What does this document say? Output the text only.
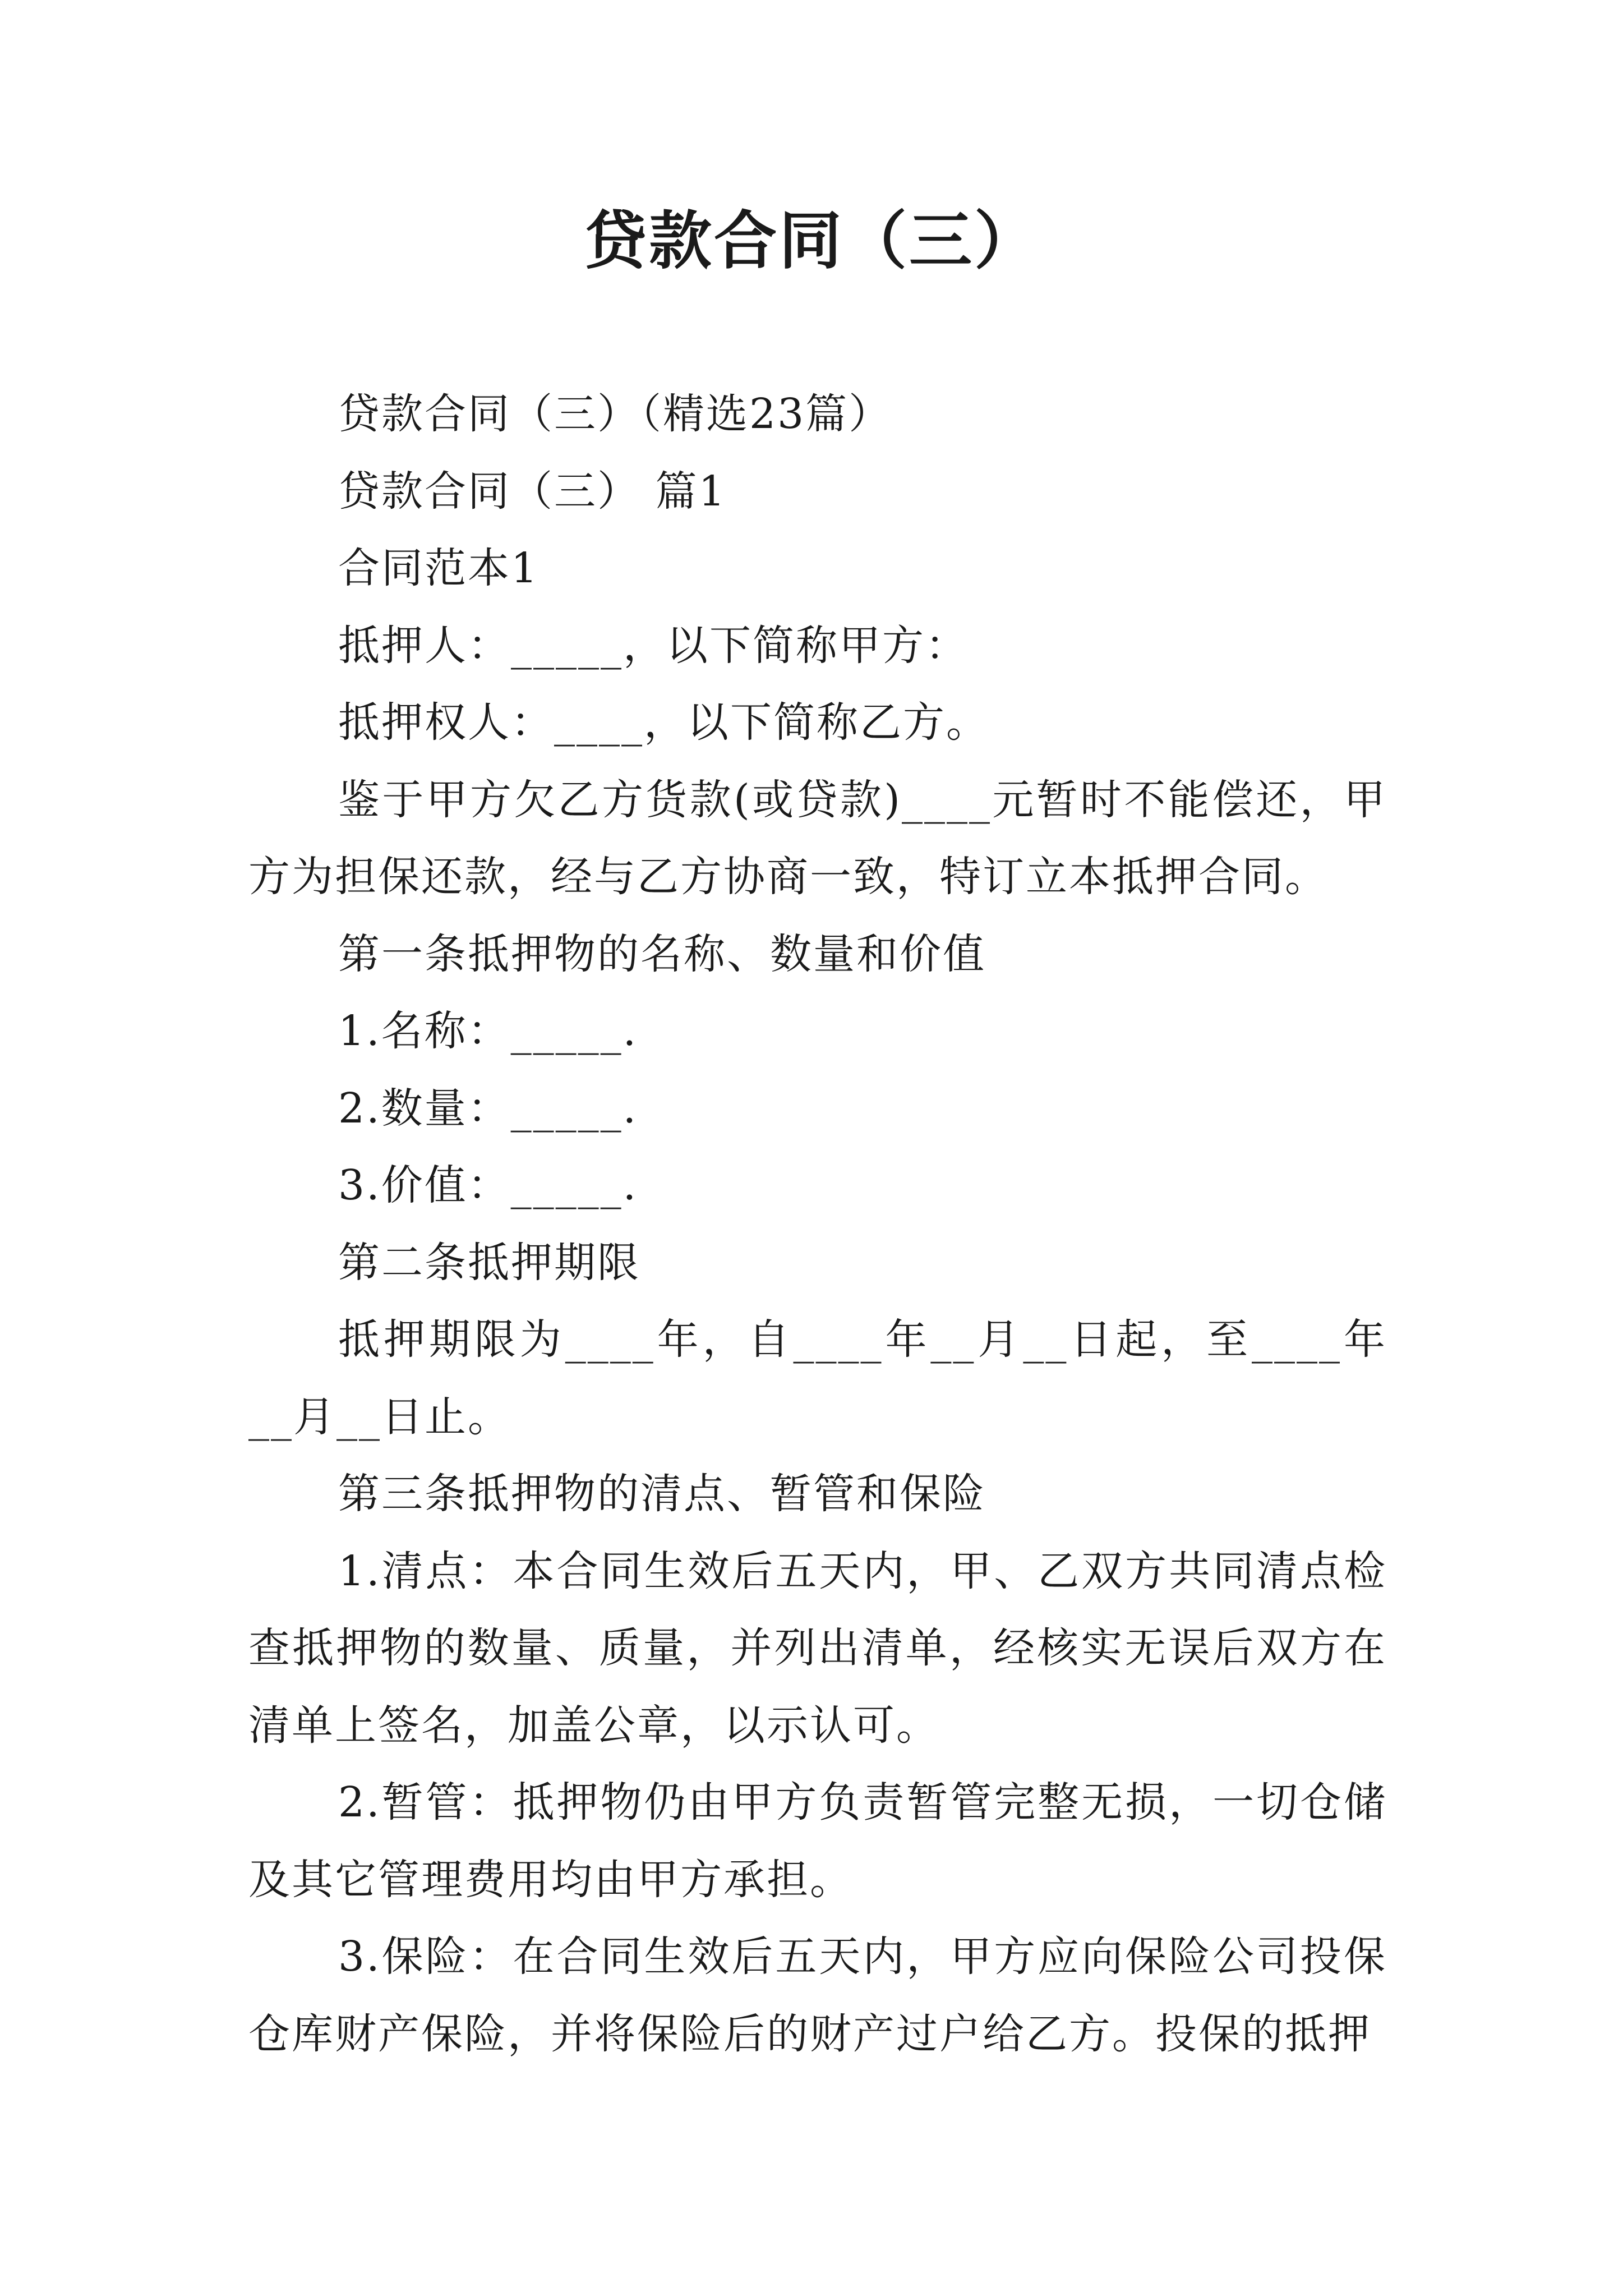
贷款合同（三）

贷款合同（三）（精选23篇）

贷款合同（三） 篇1

合同范本1

抵押人：_____，以下简称甲方：

抵押权人：____，以下简称乙方。

鉴于甲方欠乙方货款(或贷款)____元暂时不能偿还，甲方为担保还款，经与乙方协商一致，特订立本抵押合同。

第一条抵押物的名称、数量和价值

1.名称：_____.

2.数量：_____.

3.价值：_____.

第二条抵押期限

抵押期限为____年，自____年__月__日起，至____年__月__日止。

第三条抵押物的清点、暂管和保险

1.清点：本合同生效后五天内，甲、乙双方共同清点检查抵押物的数量、质量，并列出清单，经核实无误后双方在清单上签名，加盖公章，以示认可。

2.暂管：抵押物仍由甲方负责暂管完整无损，一切仓储及其它管理费用均由甲方承担。

3.保险：在合同生效后五天内，甲方应向保险公司投保仓库财产保险，并将保险后的财产过户给乙方。投保的抵押
